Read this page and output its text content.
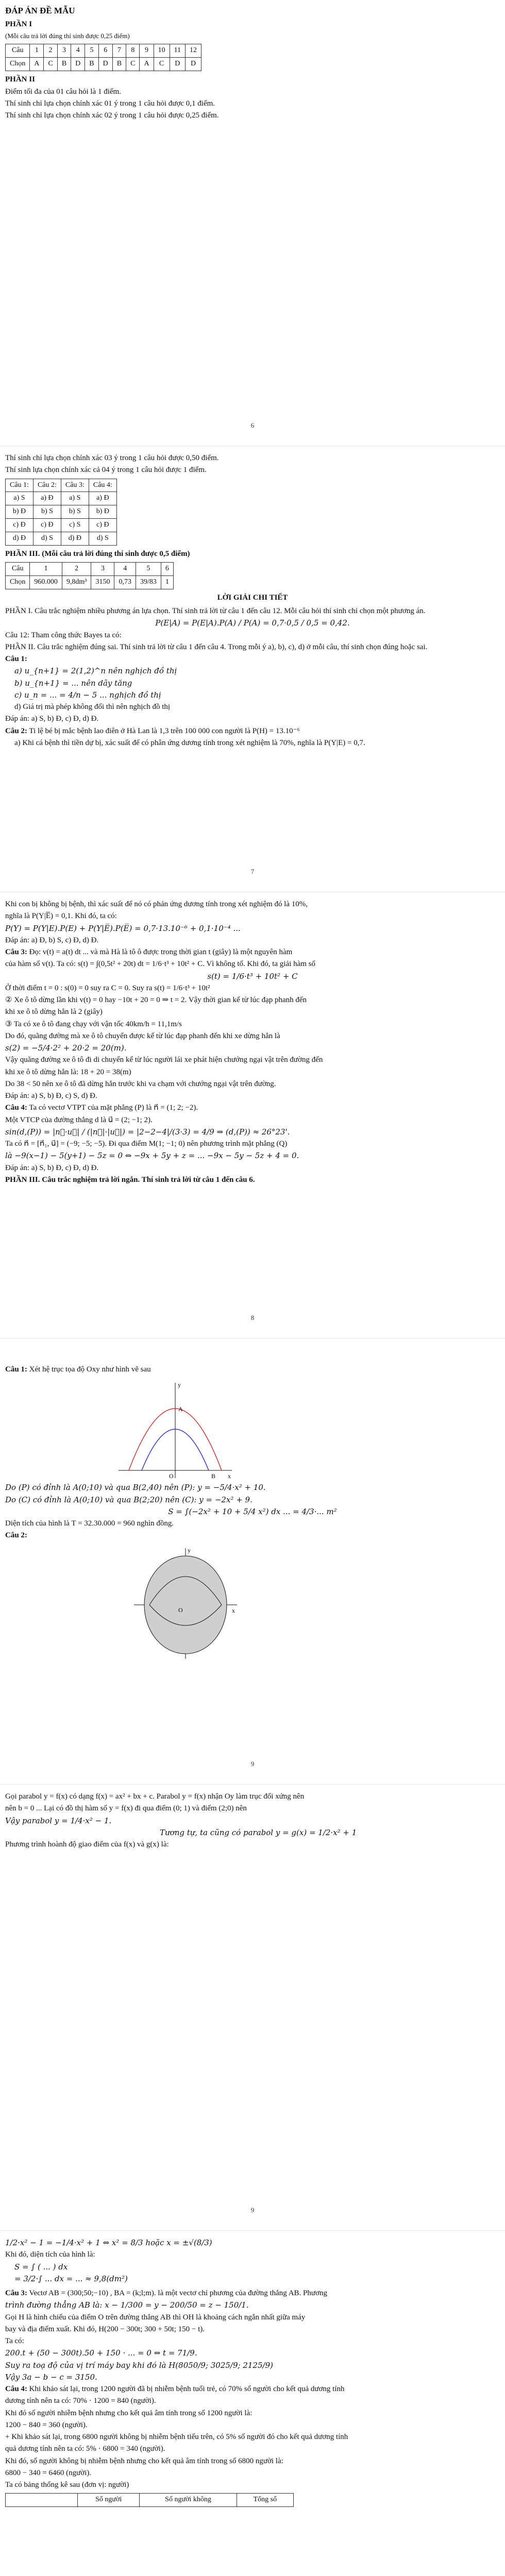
ĐÁP ÁN ĐỀ MẪU
PHẦN I
(Mỗi câu trả lời đúng thí sinh được 0,25 điểm)
Câu	1	2	3	4	5	6	7	8	9	10	11	12
Chọn	A	C	B	D	B	D	B	C	A	C	D	D
PHẦN II
Điểm tối đa của 01 câu hỏi là 1 điểm.
Thí sinh chỉ lựa chọn chính xác 01 ý trong 1 câu hỏi được 0,1 điểm.
Thí sinh chỉ lựa chọn chính xác 02 ý trong 1 câu hỏi được 0,25 điểm.
6
Thí sinh chỉ lựa chọn chính xác 03 ý trong 1 câu hỏi được 0,50 điểm.
Thí sinh lựa chọn chính xác cả 04 ý trong 1 câu hỏi được 1 điểm.
Câu 1:	Câu 2:	Câu 3:	Câu 4:
a) S	a) Đ	a) S	a) Đ
b) Đ	b) S	b) S	b) Đ
c) Đ	c) Đ	c) S	c) Đ
d) Đ	d) S	d) Đ	d) S
PHẦN III. (Mỗi câu trả lời đúng thí sinh được 0,5 điểm)
Câu	1	2	3	4	5	6
Chọn	960.000	9,8dm³	3150	0,73	39/83	1
LỜI GIẢI CHI TIẾT
PHẦN I. Câu trắc nghiệm nhiều phương án lựa chọn. Thí sinh trả lời từ câu 1 đến câu 12. Mỗi câu hỏi thí sinh chỉ chọn một phương án.
P(E|A) = P(E|A).P(A) / P(A) = 0,7·0,5 / 0,5 = 0,42.
Câu 12: Tham công thức Bayes ta có:
PHẦN II. Câu trắc nghiệm đúng sai. Thí sinh trả lời từ câu 1 đến câu 4. Trong mỗi ý a), b), c), d) ở mỗi câu, thí sinh chọn đúng hoặc sai.
Câu 1:
a) u_{n+1} = 2(1,2)^n nên nghịch đồ thị
b) u_{n+1} = ... nên dãy tăng
c) u_n = ... = 4/n − 5 ... nghịch đồ thị
d) Giá trị mà phép không đổi thì nên nghịch đồ thị
Đáp án: a) S, b) Đ, c) Đ, d) Đ.
Câu 2: Ti lệ bé bị mắc bệnh lao điên ở Hà Lan là 1,3 trên 100 000 con người là P(H) = 13.10⁻⁶
a) Khi cá bệnh thì tiền dự bị, xác suất để có phân ứng dương tính trong xét nghiệm là 70%, nghĩa là P(Y|E) = 0,7.
7
Khi con bị không bị bệnh, thì xác suất để nó có phản ứng dương tính trong xét nghiệm đó là 10%,
nghĩa là P(Y|E̅) = 0,1. Khi đó, ta có:
P(Y) = P(Y|E).P(E) + P(Y|E̅).P(E̅) = 0,7·13.10⁻⁶ + 0,1·10⁻⁴ ...
Đáp án: a) Đ, b) S, c) Đ, d) Đ.
Câu 3: Ðọ: v(t) = a(t) dt ... và mà Hà là tô ô được trong thời gian t (giây) là một nguyên hàm
của hàm số v(t). Ta có: s(t) = ∫(0,5t² + 20t) dt = 1/6·t³ + 10t² + C. Vì không tố. Khi đó, ta giải hàm số
s(t) = 1/6·t³ + 10t² + C
Ở thời điểm t = 0 : s(0) = 0 suy ra C = 0. Suy ra s(t) = 1/6·t³ + 10t²
② Xe ô tô dừng lần khi v(t) = 0 hay −10t + 20 = 0 ⇒ t = 2. Vậy thời gian kể từ lúc đạp phanh đến
khi xe ô tô dừng hẳn là 2 (giây)
③ Ta có xe ô tô đang chạy với vận tốc 40km/h = 11,1m/s
Do đó, quãng đường mà xe ô tô chuyển được kể từ lúc đạp phanh đến khi xe dừng hẳn là
s(2) = −5/4·2² + 20·2 = 20(m).
Vậy quãng đường xe ô tô đi di chuyển kể từ lúc người lái xe phát hiện chướng ngại vật trên đường đến
khi xe ô tô dừng hẳn là: 18 + 20 = 38(m)
Do 38 < 50 nên xe ô tô đã dừng hẳn trước khi va chạm với chướng ngại vật trên đường.
Đáp án: a) S, b) Đ, c) S, d) Đ.
Câu 4: Ta có vectơ VTPT của mặt phẳng (P) là n⃗ = (1; 2; −2).
Một VTCP của đường thẳng d là u⃗ = (2; −1; 2).
sin(d,(P)) = |n⃗·u⃗| / (|n⃗|·|u⃗|) = |2−2−4|/(3·3) = 4/9 ⇒ (d,(P)) ≈ 26°23'.
Ta có n⃗ = [n⃗₁, u⃗] = (−9; −5; −5). Đi qua điểm M(1; −1; 0) nên phương trình mặt phẳng (Q)
là −9(x−1) − 5(y+1) − 5z = 0 ⇔ −9x + 5y + z = ... −9x − 5y − 5z + 4 = 0.
Đáp án: a) S, b) Đ, c) Đ, d) Đ.
PHẦN III. Câu trắc nghiệm trả lời ngắn. Thí sinh trả lời từ câu 1 đến câu 6.
8
Câu 1: Xét hệ trục tọa độ Oxy như hình vẽ sau
y
x
O
A
B
Do (P) có đỉnh là A(0;10) và qua B(2,40) nên (P): y = −5/4·x² + 10.
Do (C) có đỉnh là A(0;10) và qua B(2;20) nên (C): y = −2x² + 9.
S = ∫(−2x² + 10 + 5/4 x²) dx ... = 4/3·... m²
Diện tích của hình là T = 32.30.000 = 960 nghìn đồng.
Câu 2:
y
x
O
9
Gọi parabol y = f(x) có dạng f(x) = ax² + bx + c. Parabol y = f(x) nhận Oy làm trục đối xứng nên
nên b = 0 ... Lại có đồ thị hàm số y = f(x) đi qua điểm (0; 1) và điểm (2;0) nên
Vậy parabol y = 1/4·x² − 1.
Tương tự, ta cũng có parabol y = g(x) = 1/2·x² + 1
Phương trình hoành độ giao điểm của f(x) và g(x) là:
9
1/2·x² − 1 = −1/4·x² + 1 ⇔ x² = 8/3 hoặc x = ±√(8/3)
Khi đó, diện tích của hình là:
S = ∫ ( ... ) dx
= 3/2·∫ ... dx = ... ≈ 9,8(dm²)
Câu 3: Vectơ AB = (300;50;−10) , BA = (k;l;m). là một vectơ chỉ phương của đường thẳng AB. Phương
trình đường thẳng AB là: x − 1/300 = y − 200/50 = z − 150/1.
Gọi H là hình chiếu của điểm O trên đường thẳng AB thì OH là khoảng cách ngắn nhất giữa máy
bay và địa điểm xuất. Khi đó, H(200 − 300t; 300 + 50t; 150 − t).
Ta có:
200.t + (50 − 300t).50 + 150 · ... = 0 ⇔ t = 71/9.
Suy ra toạ độ của vị trí máy bay khi đó là H(8050/9; 3025/9; 2125/9)
Vậy 3a − b − c = 3150.
Câu 4: Khi khảo sát lại, trong 1200 người đã bị nhiễm bệnh tuổi trẻ, có 70% số người cho kết quả dương tính
dương tính nên ta có: 70% · 1200 = 840 (người).
Khi đó số người nhiễm bệnh nhưng cho kết quả âm tính trong số 1200 người là:
1200 − 840 = 360 (người).
+ Khi khảo sát lại, trong 6800 người không bị nhiễm bệnh tiểu trên, có 5% số người đó cho kết quả dương tính
quả dương tính nên ta có: 5% · 6800 = 340 (người).
Khi đó, số người không bị nhiễm bệnh nhưng cho kết quả âm tính trong số 6800 người là:
6800 − 340 = 6460 (người).
Ta có bảng thống kê sau (đơn vị: người)
	Số người	Số người không	Tổng số
